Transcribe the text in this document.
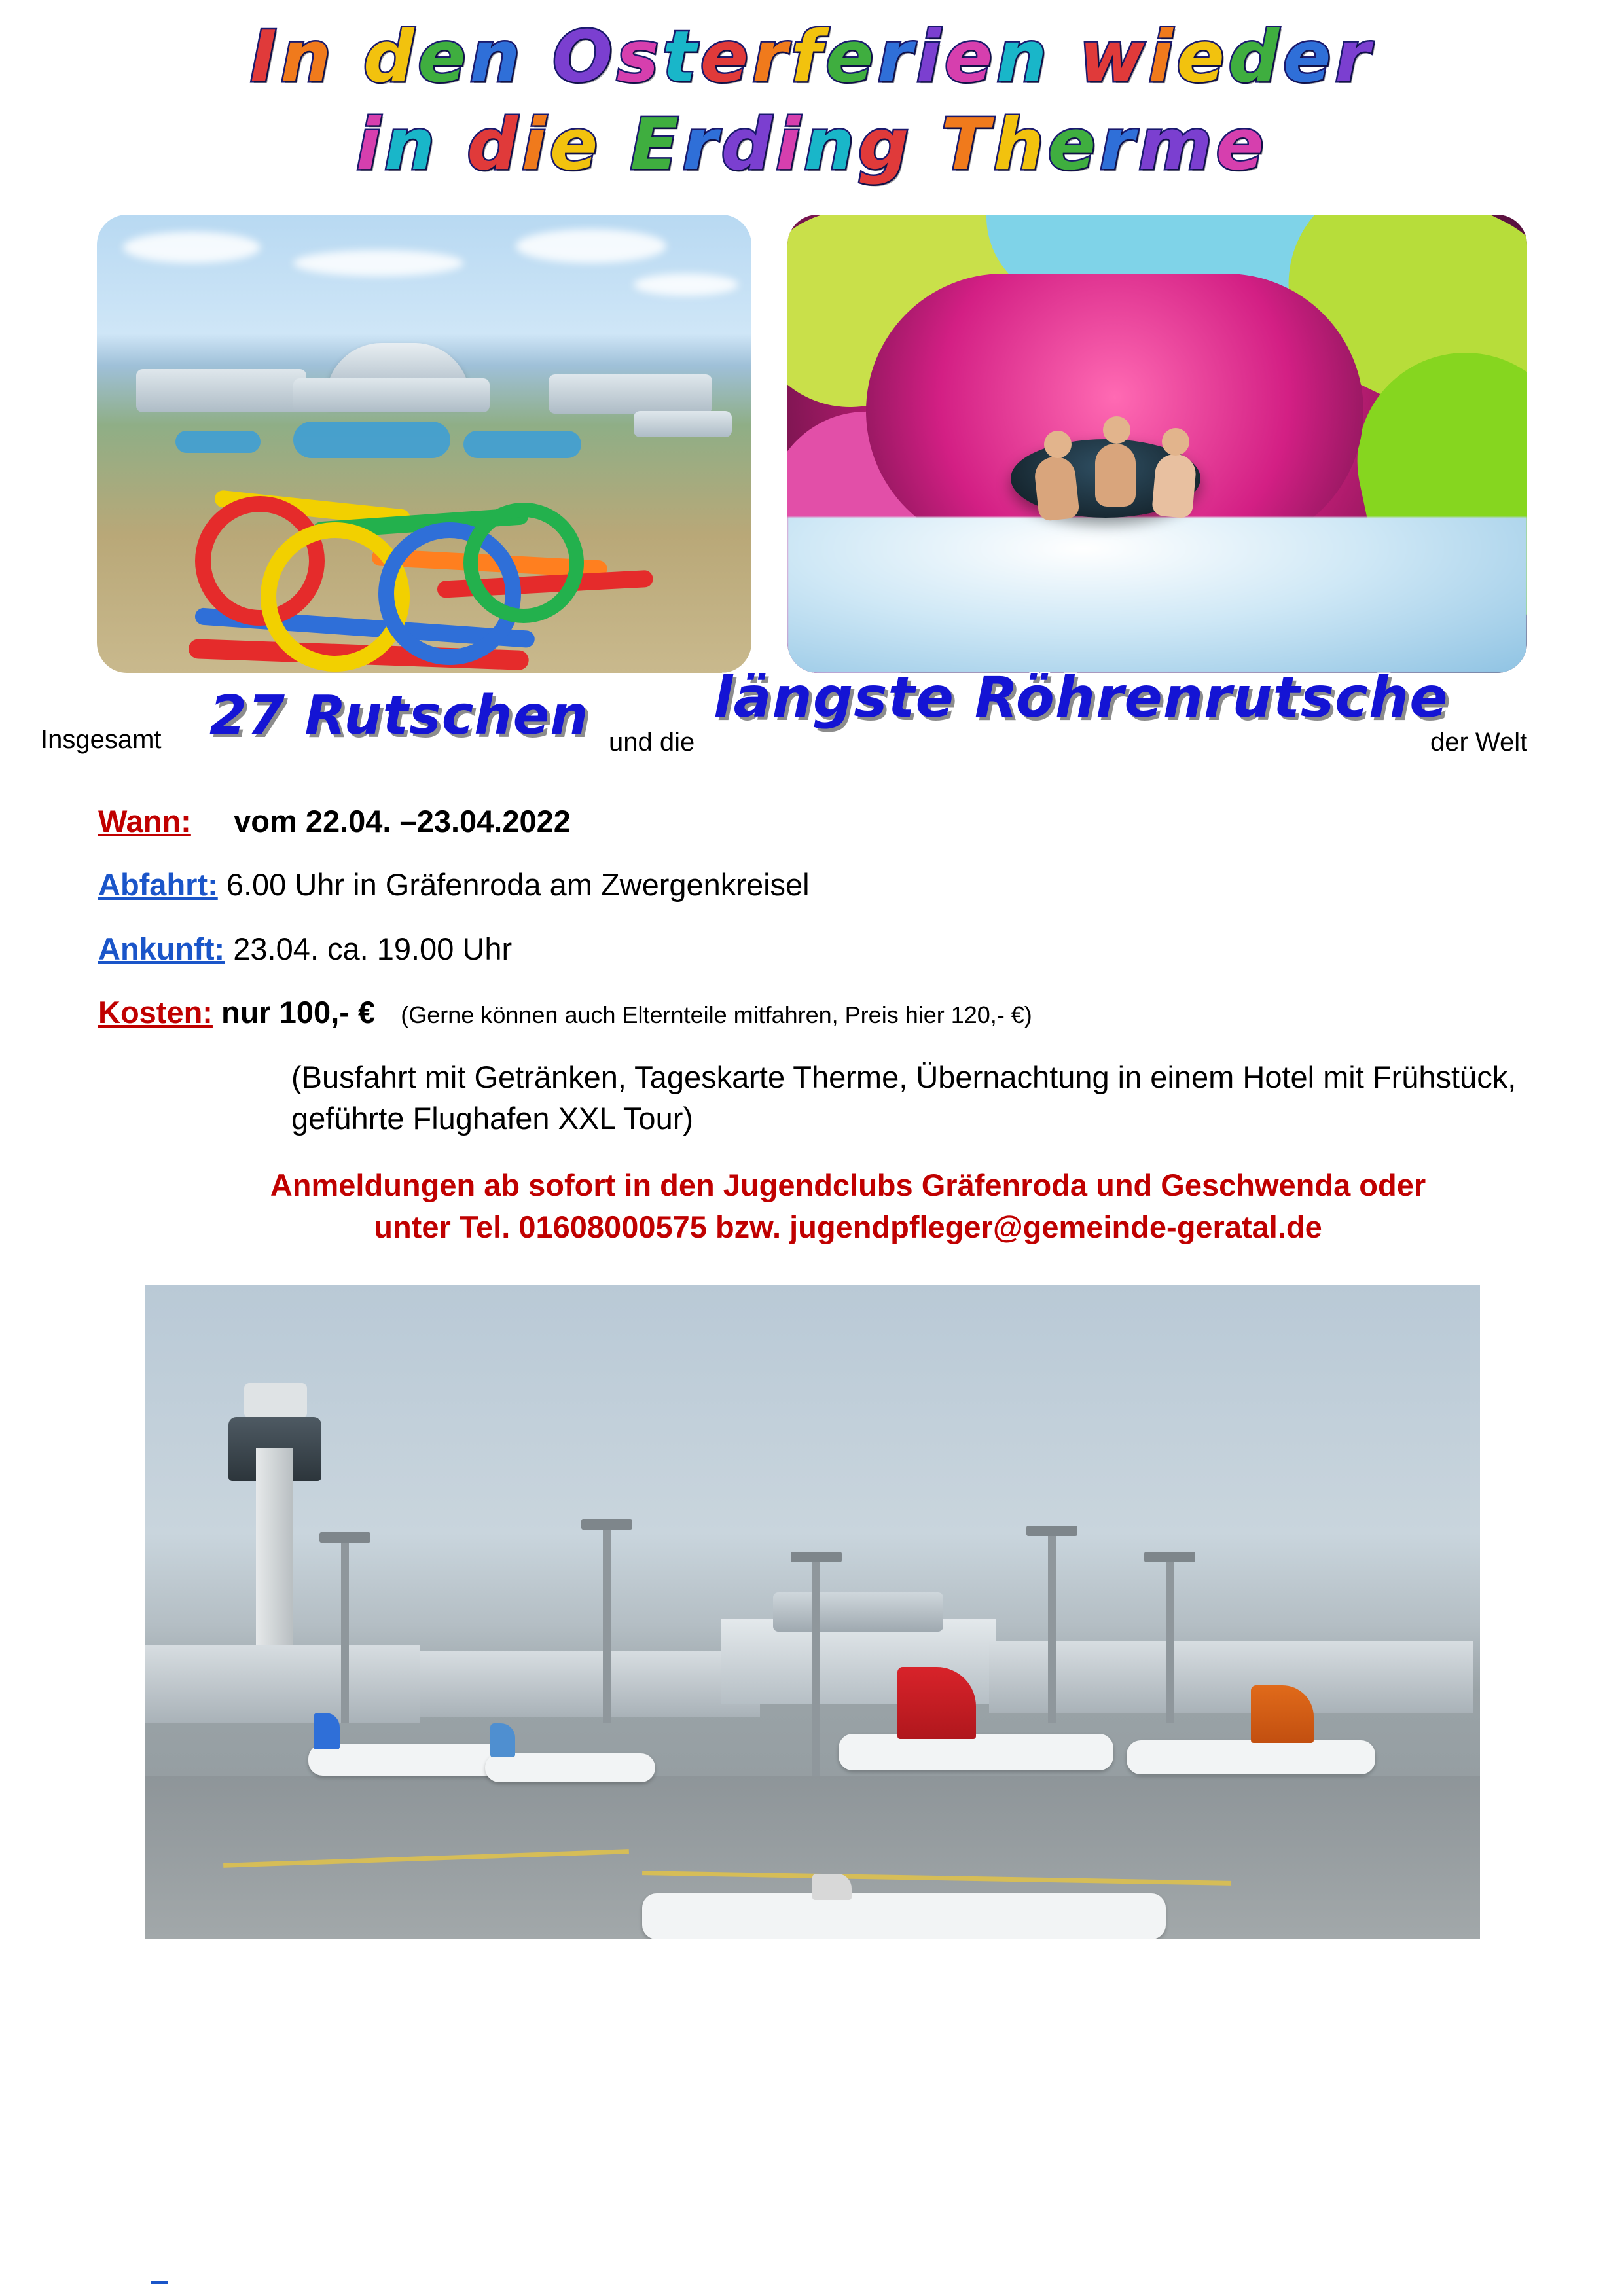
In den Osterferien wieder
in die Erding Therme
Insgesamt 27 Rutschen und die
längste Röhrenrutsche
der Welt
Wann: vom 22.04. –23.04.2022
Abfahrt: 6.00 Uhr in Gräfenroda am Zwergenkreisel
Ankunft: 23.04. ca. 19.00 Uhr
Kosten: nur 100,- € (Gerne können auch Elternteile mitfahren, Preis hier 120,- €)
(Busfahrt mit Getränken, Tageskarte Therme, Übernachtung in einem Hotel mit Frühstück, geführte Flughafen XXL Tour)
Anmeldungen ab sofort in den Jugendclubs Gräfenroda und Geschwenda oder unter Tel. 01608000575 bzw. jugendpfleger@gemeinde-geratal.de
